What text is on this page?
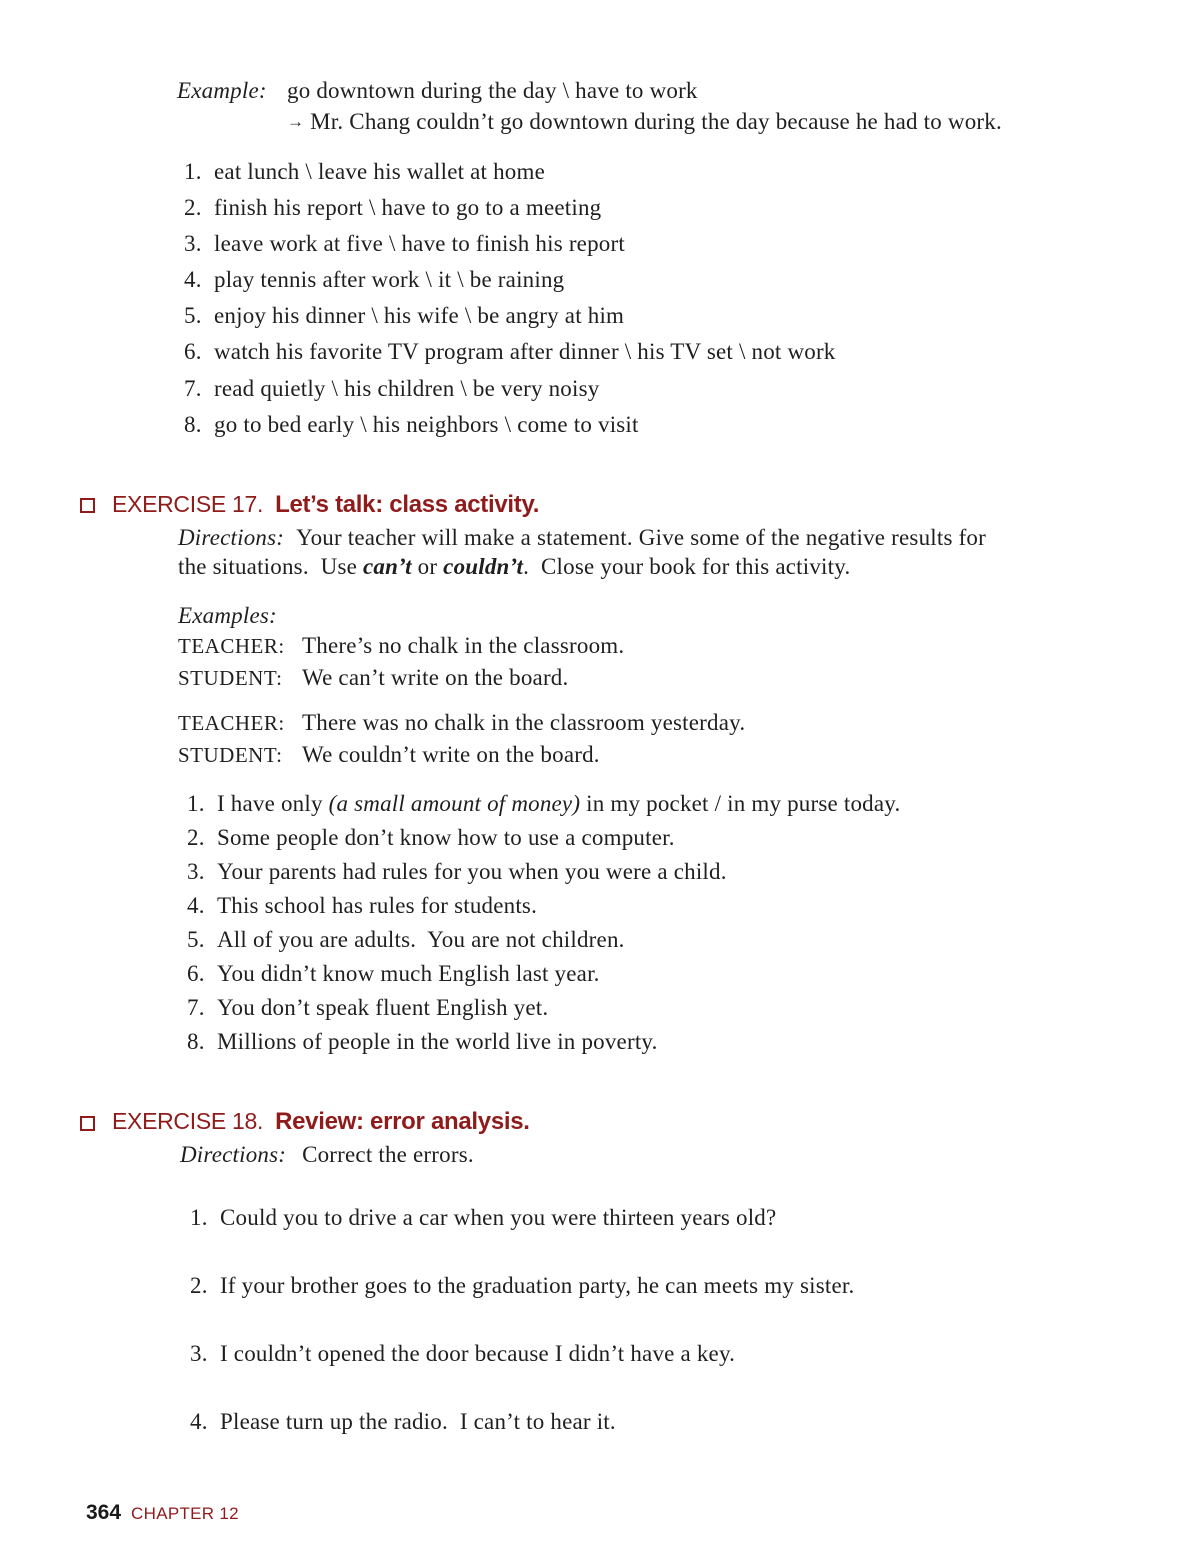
Example: go downtown during the day \ have to work
→ Mr. Chang couldn’t go downtown during the day because he had to work.
1. eat lunch \ leave his wallet at home
2. finish his report \ have to go to a meeting
3. leave work at five \ have to finish his report
4. play tennis after work \ it \ be raining
5. enjoy his dinner \ his wife \ be angry at him
6. watch his favorite TV program after dinner \ his TV set \ not work
7. read quietly \ his children \ be very noisy
8. go to bed early \ his neighbors \ come to visit
EXERCISE 17. Let’s talk: class activity.
Directions: Your teacher will make a statement. Give some of the negative results for
the situations.  Use can’t or couldn’t.  Close your book for this activity.
Examples:
TEACHER: There’s no chalk in the classroom.
STUDENT: We can’t write on the board.
TEACHER: There was no chalk in the classroom yesterday.
STUDENT: We couldn’t write on the board.
1. I have only (a small amount of money) in my pocket / in my purse today.
2. Some people don’t know how to use a computer.
3. Your parents had rules for you when you were a child.
4. This school has rules for students.
5. All of you are adults.  You are not children.
6. You didn’t know much English last year.
7. You don’t speak fluent English yet.
8. Millions of people in the world live in poverty.
EXERCISE 18. Review: error analysis.
Directions: Correct the errors.
1. Could you to drive a car when you were thirteen years old?
2. If your brother goes to the graduation party, he can meets my sister.
3. I couldn’t opened the door because I didn’t have a key.
4. Please turn up the radio.  I can’t to hear it.
364 CHAPTER 12
